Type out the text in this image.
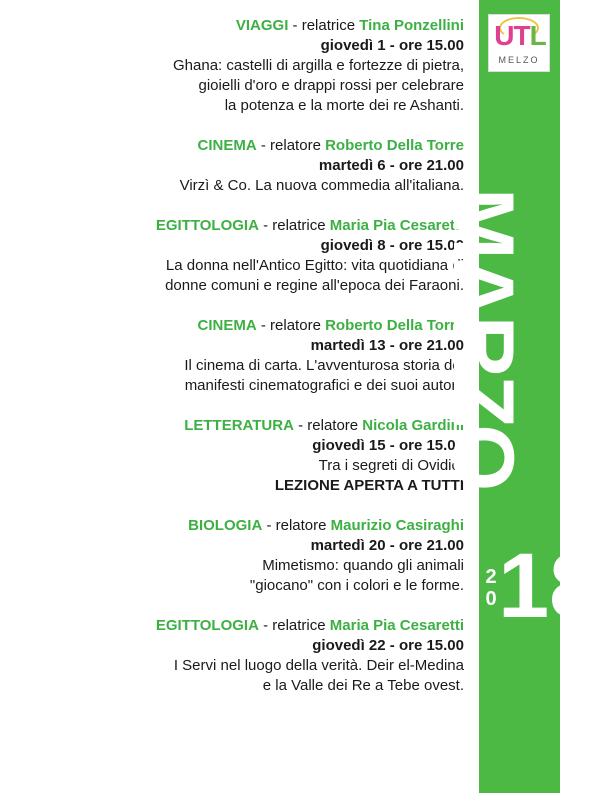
VIAGGI - relatrice Tina Ponzellini
giovedì 1 - ore 15.00
Ghana: castelli di argilla e fortezze di pietra,
gioielli d'oro e drappi rossi per celebrare
la potenza e la morte dei re Ashanti.
CINEMA - relatore Roberto Della Torre
martedì 6 - ore 21.00
Virzì & Co. La nuova commedia all'italiana.
EGITTOLOGIA - relatrice Maria Pia Cesaretti
giovedì 8 - ore 15.00
La donna nell'Antico Egitto: vita quotidiana di
donne comuni e regine all'epoca dei Faraoni.
CINEMA - relatore Roberto Della Torre
martedì 13 - ore 21.00
Il cinema di carta. L'avventurosa storia dei
manifesti cinematografici e dei suoi autori.
LETTERATURA - relatore Nicola Gardini
giovedì 15 - ore 15.00
Tra i segreti di Ovidio.
LEZIONE APERTA A TUTTI
BIOLOGIA - relatore Maurizio Casiraghi
martedì 20 - ore 21.00
Mimetismo: quando gli animali
"giocano" con i colori e le forme.
EGITTOLOGIA - relatrice Maria Pia Cesaretti
giovedì 22 - ore 15.00
I Servi nel luogo della verità. Deir el-Medina
e la Valle dei Re a Tebe ovest.
UTL
MELZO
MARZO
2
0 18
